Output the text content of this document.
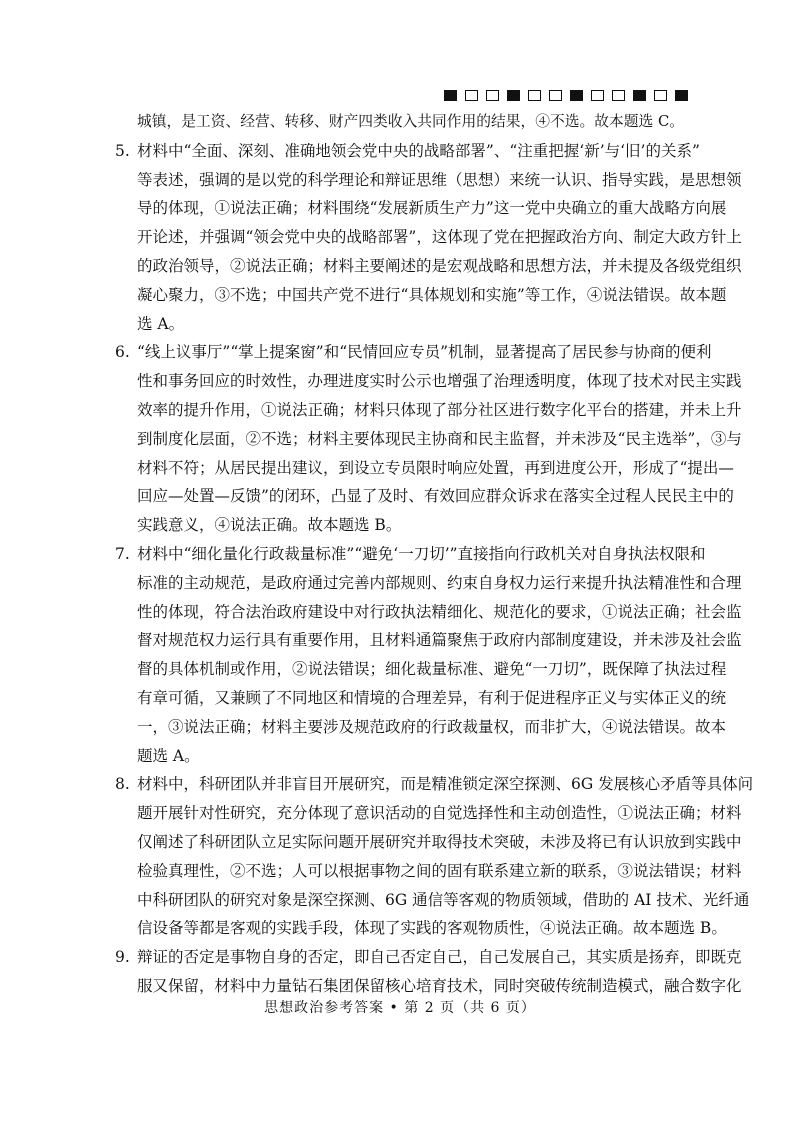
城镇，是工资、经营、转移、财产四类收入共同作用的结果，④不选。故本题选 C。
5. 材料中“全面、深刻、准确地领会党中央的战略部署”、“注重把握‘新’与‘旧’的关系”
等表述，强调的是以党的科学理论和辩证思维（思想）来统一认识、指导实践，是思想领
导的体现，①说法正确；材料围绕“发展新质生产力”这一党中央确立的重大战略方向展
开论述，并强调“领会党中央的战略部署”，这体现了党在把握政治方向、制定大政方针上
的政治领导，②说法正确；材料主要阐述的是宏观战略和思想方法，并未提及各级党组织
凝心聚力，③不选；中国共产党不进行“具体规划和实施”等工作，④说法错误。故本题
选 A。
6. “线上议事厅”“掌上提案窗”和“民情回应专员”机制，显著提高了居民参与协商的便利
性和事务回应的时效性，办理进度实时公示也增强了治理透明度，体现了技术对民主实践
效率的提升作用，①说法正确；材料只体现了部分社区进行数字化平台的搭建，并未上升
到制度化层面，②不选；材料主要体现民主协商和民主监督，并未涉及“民主选举”，③与
材料不符；从居民提出建议，到设立专员限时响应处置，再到进度公开，形成了“提出—
回应—处置—反馈”的闭环，凸显了及时、有效回应群众诉求在落实全过程人民民主中的
实践意义，④说法正确。故本题选 B。
7. 材料中“细化量化行政裁量标准”“避免‘一刀切’”直接指向行政机关对自身执法权限和
标准的主动规范，是政府通过完善内部规则、约束自身权力运行来提升执法精准性和合理
性的体现，符合法治政府建设中对行政执法精细化、规范化的要求，①说法正确；社会监
督对规范权力运行具有重要作用，且材料通篇聚焦于政府内部制度建设，并未涉及社会监
督的具体机制或作用，②说法错误；细化裁量标准、避免“一刀切”，既保障了执法过程
有章可循，又兼顾了不同地区和情境的合理差异，有利于促进程序正义与实体正义的统
一，③说法正确；材料主要涉及规范政府的行政裁量权，而非扩大，④说法错误。故本
题选 A。
8. 材料中，科研团队并非盲目开展研究，而是精准锁定深空探测、6G 发展核心矛盾等具体问
题开展针对性研究，充分体现了意识活动的自觉选择性和主动创造性，①说法正确；材料
仅阐述了科研团队立足实际问题开展研究并取得技术突破，未涉及将已有认识放到实践中
检验真理性，②不选；人可以根据事物之间的固有联系建立新的联系，③说法错误；材料
中科研团队的研究对象是深空探测、6G 通信等客观的物质领域，借助的 AI 技术、光纤通
信设备等都是客观的实践手段，体现了实践的客观物质性，④说法正确。故本题选 B。
9. 辩证的否定是事物自身的否定，即自己否定自己，自己发展自己，其实质是扬弃，即既克
服又保留，材料中力量钻石集团保留核心培育技术，同时突破传统制造模式，融合数字化
思想政治参考答案 • 第 2 页（共 6 页）
